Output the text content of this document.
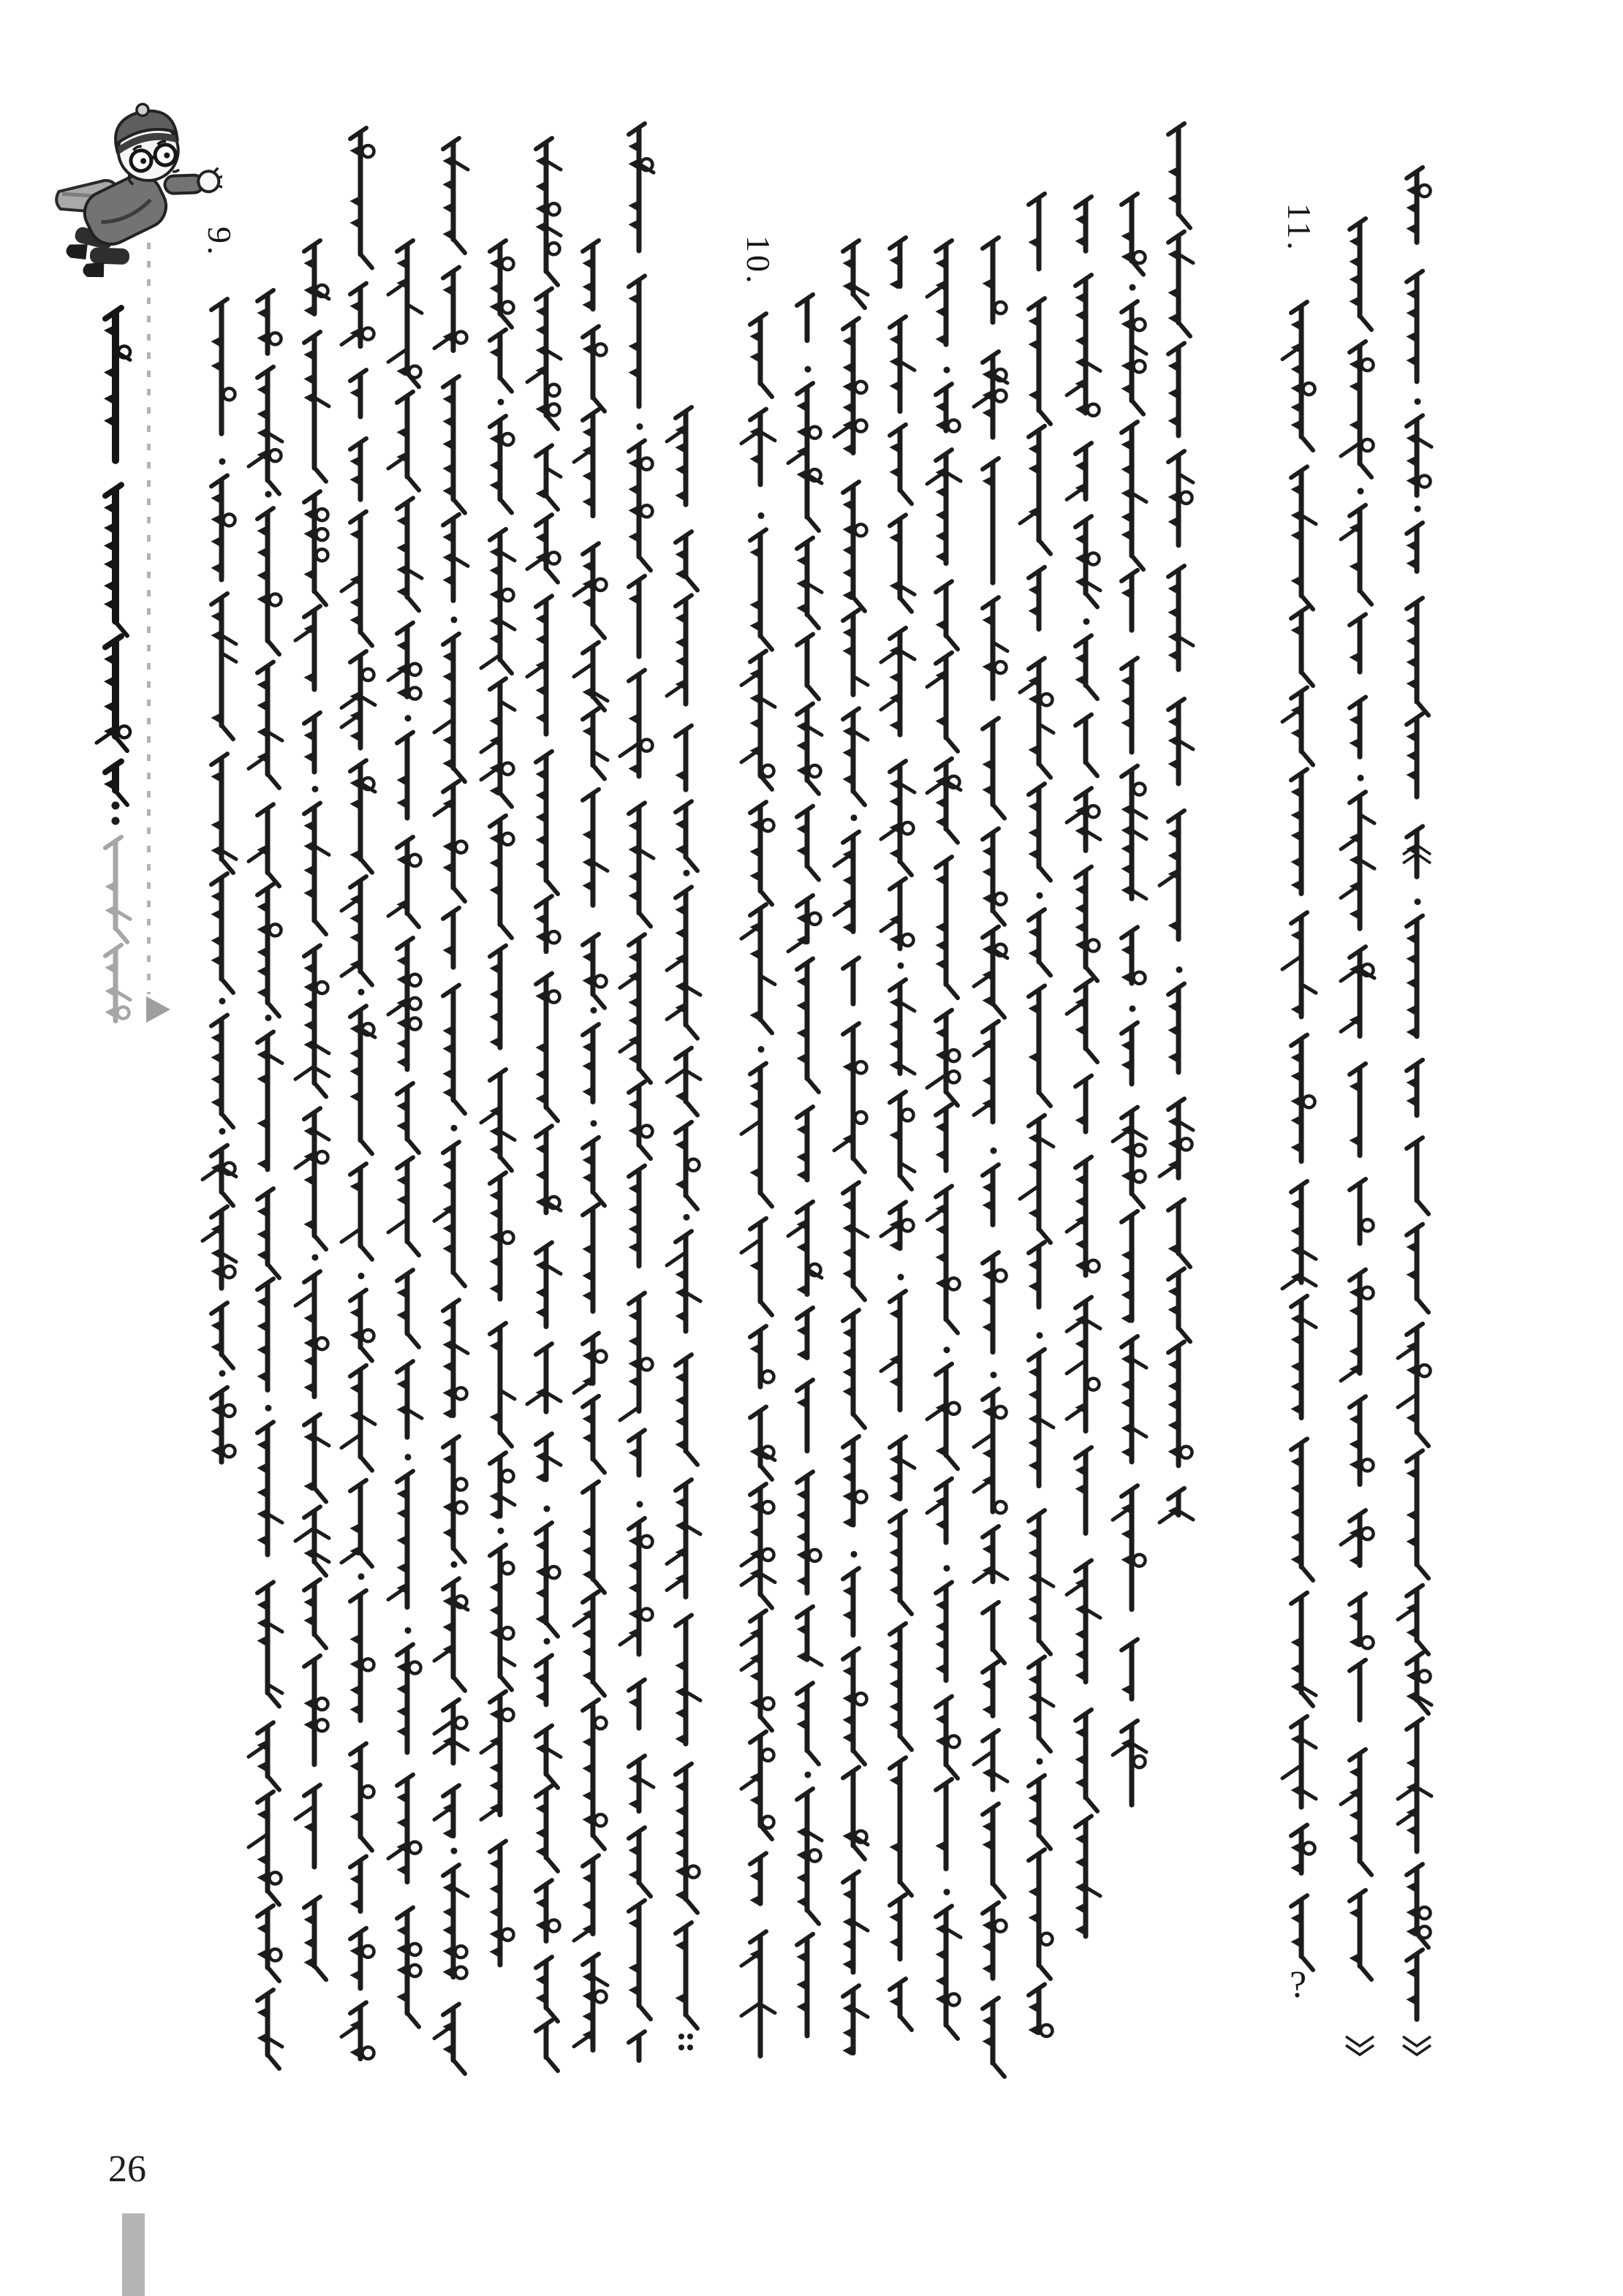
26
9.	10.
?
11.
